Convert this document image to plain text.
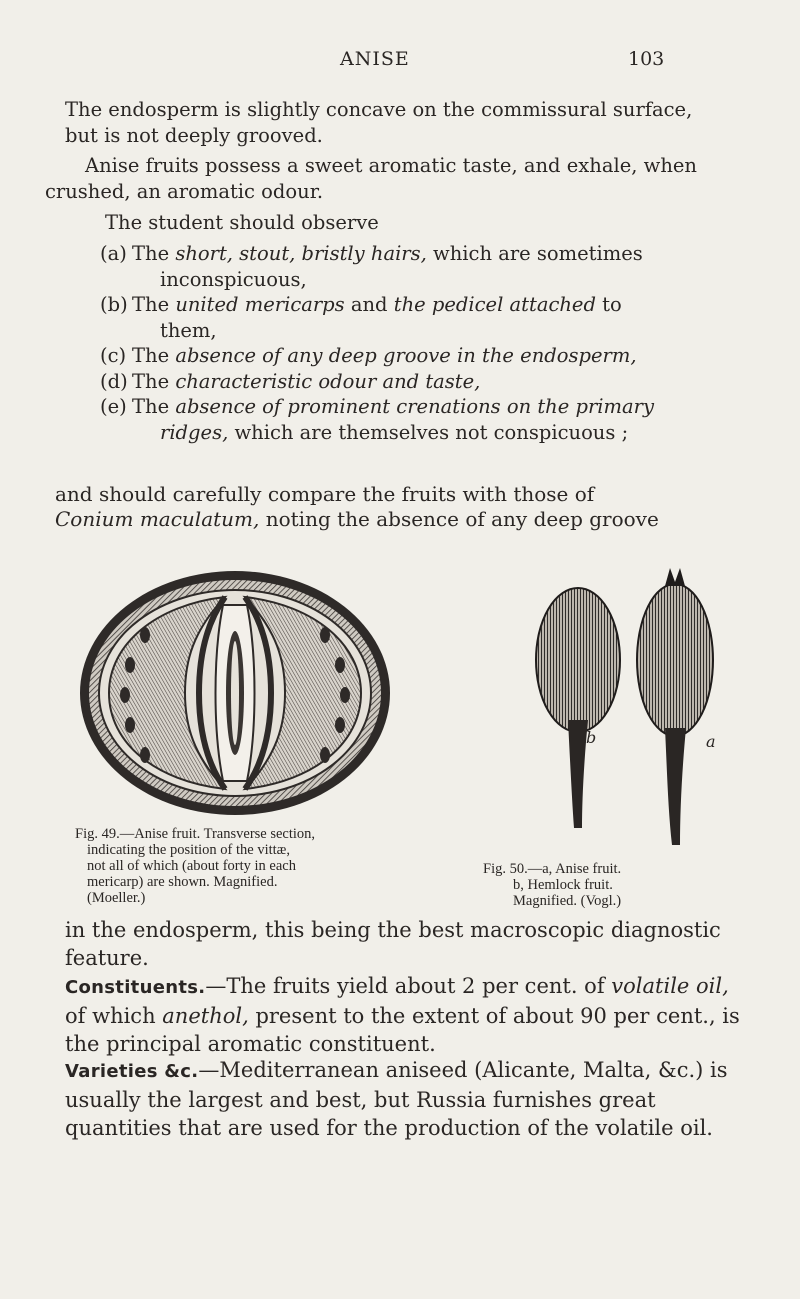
ANISE	103

The endosperm is slightly concave on the commissural surface,
but is not deeply grooved.

Anise fruits possess a sweet aromatic taste, and exhale, when
crushed, an aromatic odour.

The student should observe

(a) The short, stout, bristly hairs, which are sometimes
inconspicuous,
(b) The united mericarps and the pedicel attached to
them,
(c) The absence of any deep groove in the endosperm,
(d) The characteristic odour and taste,
(e) The absence of prominent crenations on the primary
ridges, which are themselves not conspicuous ;

and should carefully compare the fruits with those of
Conium maculatum, noting the absence of any deep groove

b	a
Fig. 49.—Anise fruit. Transverse section,
indicating the position of the vittæ,
not all of which (about forty in each
mericarp) are shown. Magnified.
(Moeller.)
Fig. 50.—a, Anise fruit.
b, Hemlock fruit.
Magnified. (Vogl.)

in the endosperm, this being the best macroscopic diagnostic
feature.

Constituents.—The fruits yield about 2 per cent. of volatile oil, of which anethol, present to the extent of about 90 per cent., is the principal aromatic constituent.

Varieties &c.—Mediterranean aniseed (Alicante, Malta, &c.) is usually the largest and best, but Russia furnishes great quantities that are used for the production of the volatile oil.
